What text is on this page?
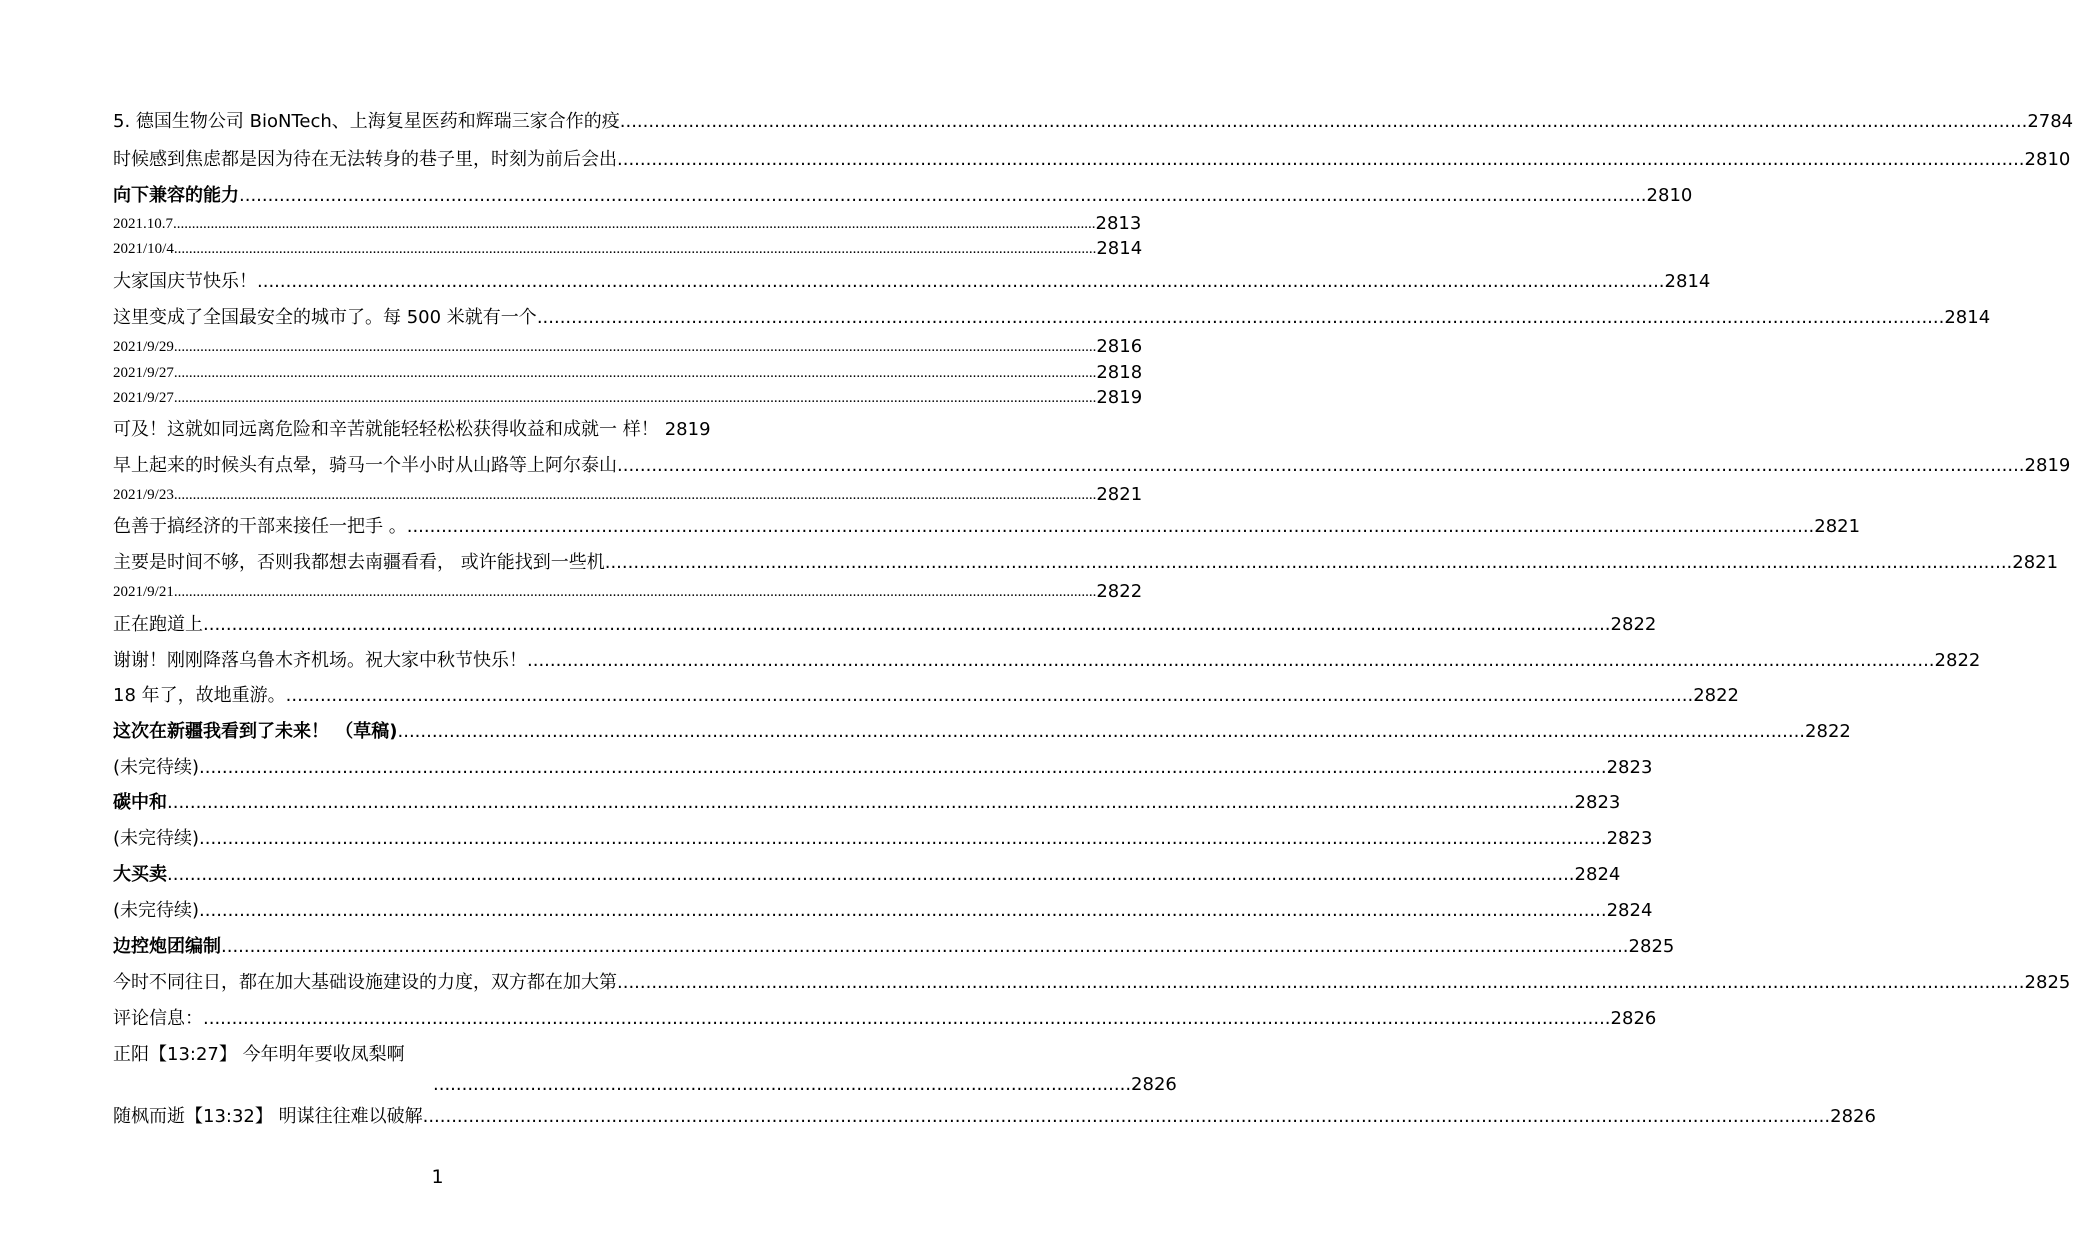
5. 德国生物公司 BioNTech、上海复星医药和辉瑞三家合作的疫 .....	2784
时候感到焦虑都是因为待在无法转身的巷子里，时刻为前后会出 .....	2810
向下兼容的能力 .....	2810
2021.10.7 .....	2813
2021/10/4 .....	2814
大家国庆节快乐！ .....	2814
这里变成了全国最安全的城市了。每 500 米就有一个 .....	2814
2021/9/29 .....	2816
2021/9/27 .....	2818
2021/9/27 .....	2819
可及！这就如同远离危险和辛苦就能轻轻松松获得收益和成就一 样！ 2819
早上起来的时候头有点晕，骑马一个半小时从山路等上阿尔泰山 .....	2819
2021/9/23 .....	2821
色善于搞经济的干部来接任一把手 。 .....	2821
主要是时间不够，否则我都想去南疆看看， 或许能找到一些机 .....	2821
2021/9/21 .....	2822
正在跑道上 .....	2822
谢谢！刚刚降落乌鲁木齐机场。祝大家中秋节快乐！ .....	2822
18 年了，故地重游。 .....	2822
这次在新疆我看到了未来！ （草稿) .....	2822
(未完待续) .....	2823
碳中和 .....	2823
(未完待续) .....	2823
大买卖 .....	2824
(未完待续) .....	2824
边控炮团编制 .....	2825
今时不同往日，都在加大基础设施建设的力度，双方都在加大第 .....	2825
评论信息： .....	2826
正阳【13:27】 今年明年要收凤梨啊
.......................................................................................................................... 2826
随枫而逝【13:32】 明谋往往难以破解 .....	2826
1
